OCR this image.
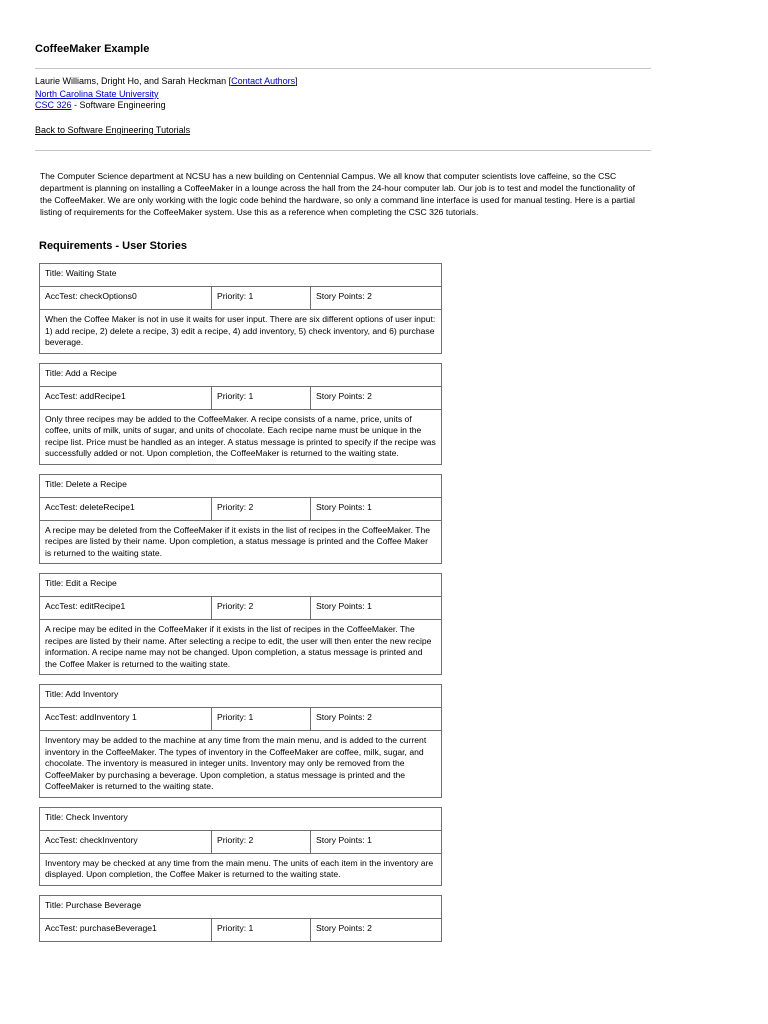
CoffeeMaker Example
Laurie Williams, Dright Ho, and Sarah Heckman [Contact Authors]
North Carolina State University
CSC 326 - Software Engineering
Back to Software Engineering Tutorials

The Computer Science department at NCSU has a new building on Centennial Campus. We all know that computer scientists love caffeine, so the CSC department is planning on installing a CoffeeMaker in a lounge across the hall from the 24-hour computer lab. Our job is to test and model the functionality of the CoffeeMaker. We are only working with the logic code behind the hardware, so only a command line interface is used for manual testing. Here is a partial listing of requirements for the CoffeeMaker system. Use this as a reference when completing the CSC 326 tutorials.

Requirements - User Stories
Title: Waiting State
AccTest: checkOptions0	Priority: 1	Story Points: 2
When the Coffee Maker is not in use it waits for user input. There are six different options of user input: 1) add recipe, 2) delete a recipe, 3) edit a recipe, 4) add inventory, 5) check inventory, and 6) purchase beverage.
Title: Add a Recipe
AccTest: addRecipe1	Priority: 1	Story Points: 2
Only three recipes may be added to the CoffeeMaker. A recipe consists of a name, price, units of coffee, units of milk, units of sugar, and units of chocolate. Each recipe name must be unique in the recipe list. Price must be handled as an integer. A status message is printed to specify if the recipe was successfully added or not. Upon completion, the CoffeeMaker is returned to the waiting state.
Title: Delete a Recipe
AccTest: deleteRecipe1	Priority: 2	Story Points: 1
A recipe may be deleted from the CoffeeMaker if it exists in the list of recipes in the CoffeeMaker. The recipes are listed by their name. Upon completion, a status message is printed and the Coffee Maker is returned to the waiting state.
Title: Edit a Recipe
AccTest: editRecipe1	Priority: 2	Story Points: 1
A recipe may be edited in the CoffeeMaker if it exists in the list of recipes in the CoffeeMaker. The recipes are listed by their name. After selecting a recipe to edit, the user will then enter the new recipe information. A recipe name may not be changed. Upon completion, a status message is printed and the Coffee Maker is returned to the waiting state.
Title: Add Inventory
AccTest: addInventory 1	Priority: 1	Story Points: 2
Inventory may be added to the machine at any time from the main menu, and is added to the current inventory in the CoffeeMaker. The types of inventory in the CoffeeMaker are coffee, milk, sugar, and chocolate. The inventory is measured in integer units. Inventory may only be removed from the CoffeeMaker by purchasing a beverage. Upon completion, a status message is printed and the CoffeeMaker is returned to the waiting state.
Title: Check Inventory
AccTest: checkInventory	Priority: 2	Story Points: 1
Inventory may be checked at any time from the main menu. The units of each item in the inventory are displayed. Upon completion, the Coffee Maker is returned to the waiting state.
Title: Purchase Beverage
AccTest: purchaseBeverage1	Priority: 1	Story Points: 2
